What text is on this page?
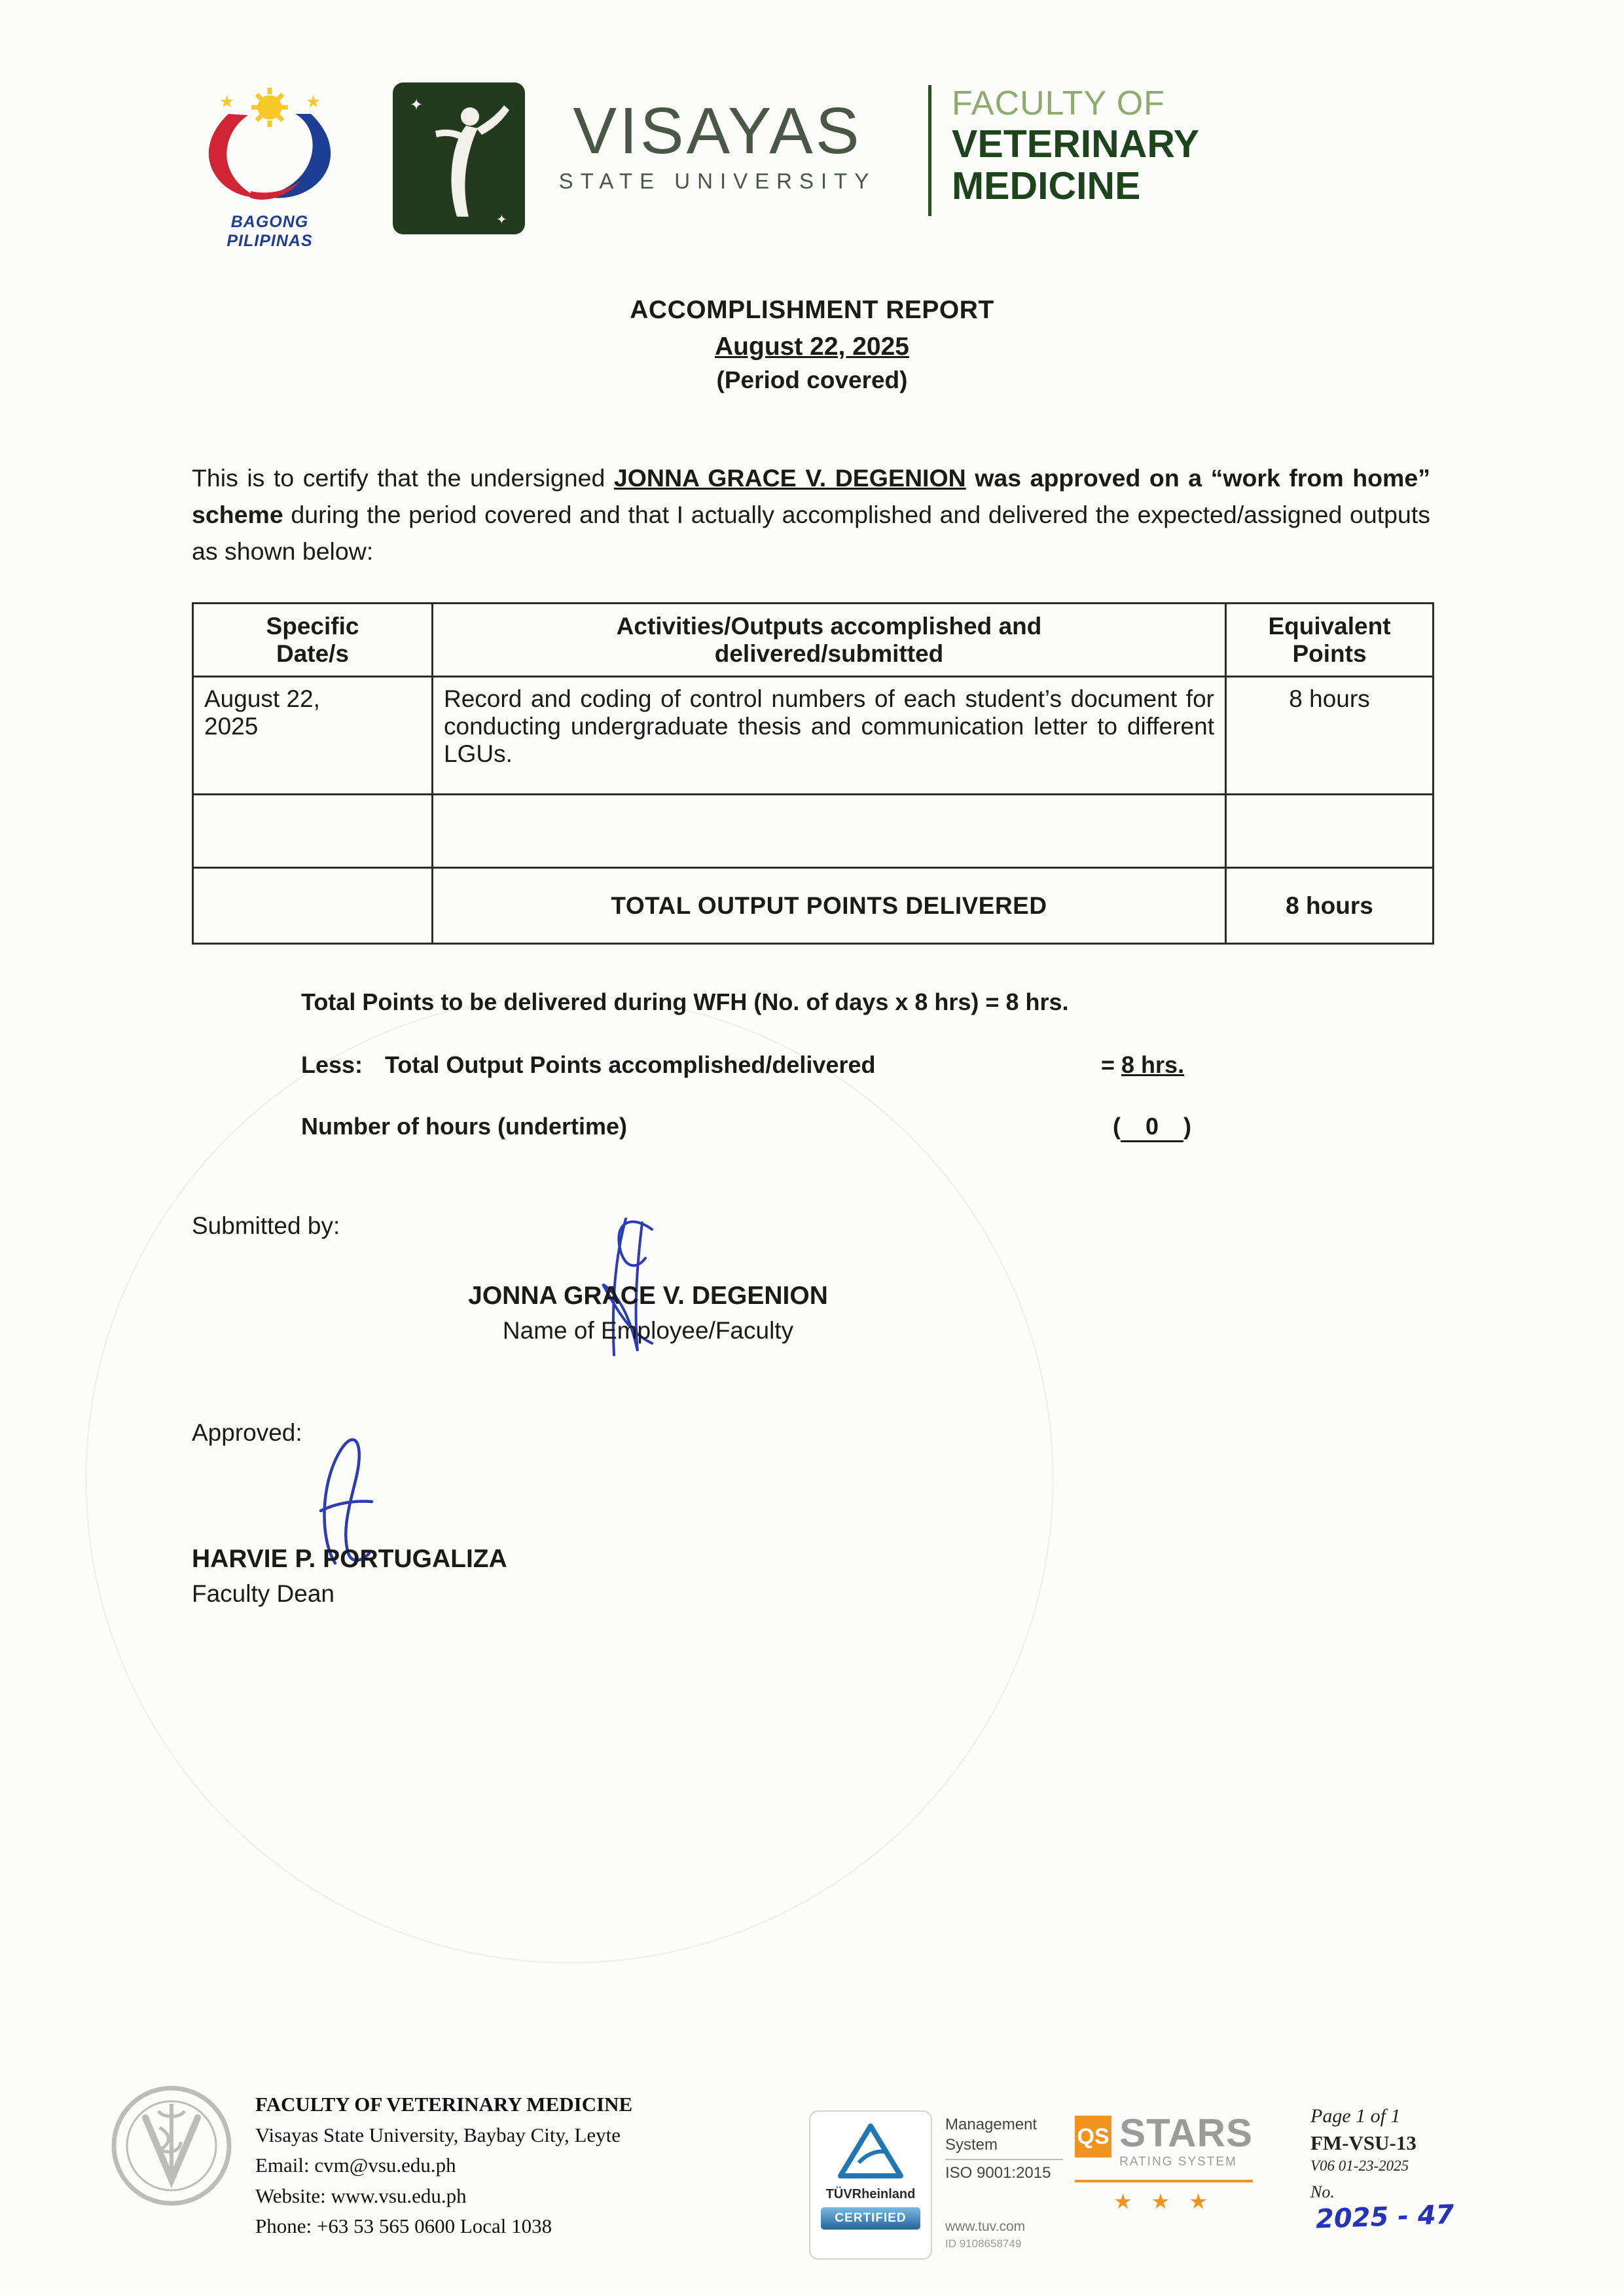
★	★
BAGONG PILIPINAS
✦
✦
VISAYAS
STATE UNIVERSITY
FACULTY OF
VETERINARY
MEDICINE
ACCOMPLISHMENT REPORT
August 22, 2025
(Period covered)
This is to certify that the undersigned JONNA GRACE V. DEGENION was approved on a “work from home” scheme during the period covered and that I actually accomplished and delivered the expected/assigned outputs as shown below:
Specific Date/s	Activities/Outputs accomplished and delivered/submitted	Equivalent Points

August 22, 2025	Record and coding of control numbers of each student’s document for conducting undergraduate thesis and communication letter to different LGUs.	8 hours

	TOTAL OUTPUT POINTS DELIVERED	8 hours
Total Points to be delivered during WFH (No. of days x 8 hrs) = 8 hrs.
Less: Total Output Points accomplished/delivered	= 8 hrs.
Number of hours (undertime)	( 0 )
Submitted by:
JONNA GRACE V. DEGENION
Name of Employee/Faculty
Approved:
HARVIE P. PORTUGALIZA
Faculty Dean
FACULTY OF VETERINARY MEDICINE
Visayas State University, Baybay City, Leyte
Email: cvm@vsu.edu.ph
Website: www.vsu.edu.ph
Phone: +63 53 565 0600 Local 1038
TÜVRheinland
CERTIFIED
Management System
ISO 9001:2015
www.tuv.com
ID 9108658749
QS STARS
RATING SYSTEM
★ ★ ★
Page 1 of 1
FM-VSU-13
V06 01-23-2025
No. 2025 - 47
